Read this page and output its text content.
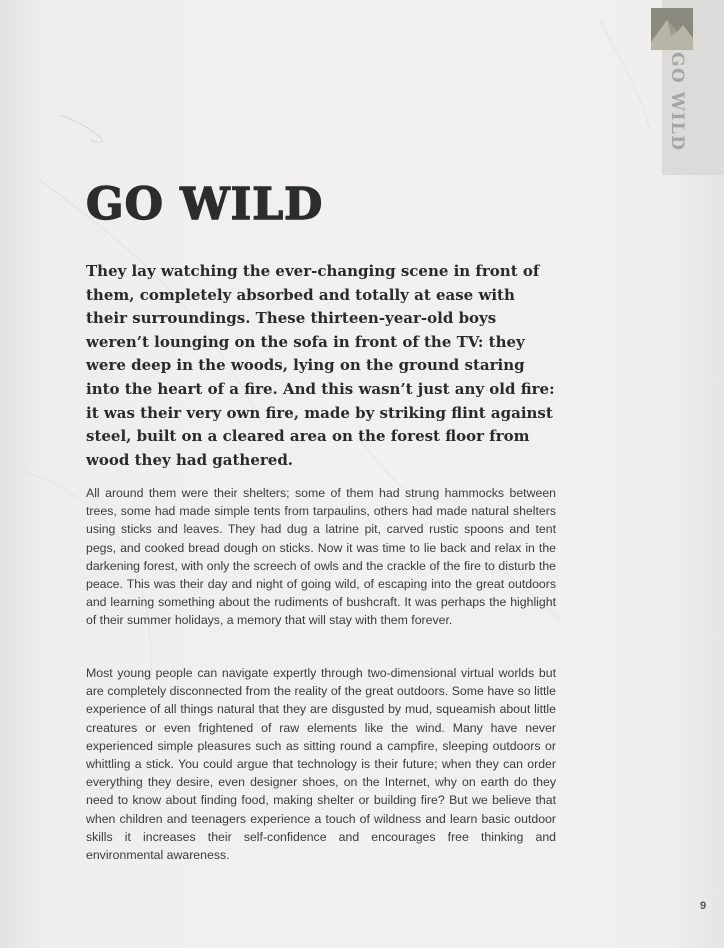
GO WILD
GO WILD

They lay watching the ever-changing scene in front of them, completely absorbed and totally at ease with their surroundings. These thirteen-year-old boys weren’t lounging on the sofa in front of the TV: they were deep in the woods, lying on the ground staring into the heart of a fire. And this wasn’t just any old fire: it was their very own fire, made by striking flint against steel, built on a cleared area on the forest floor from wood they had gathered.

All around them were their shelters; some of them had strung hammocks between trees, some had made simple tents from tarpaulins, others had made natural shelters using sticks and leaves. They had dug a latrine pit, carved rustic spoons and tent pegs, and cooked bread dough on sticks. Now it was time to lie back and relax in the darkening forest, with only the screech of owls and the crackle of the fire to disturb the peace. This was their day and night of going wild, of escaping into the great outdoors and learning something about the rudiments of bushcraft. It was perhaps the highlight of their summer holidays, a memory that will stay with them forever.

Most young people can navigate expertly through two-dimensional virtual worlds but are completely disconnected from the reality of the great outdoors. Some have so little experience of all things natural that they are disgusted by mud, squeamish about little creatures or even frightened of raw elements like the wind. Many have never experienced simple pleasures such as sitting round a campfire, sleeping outdoors or whittling a stick. You could argue that technology is their future; when they can order everything they desire, even designer shoes, on the Internet, why on earth do they need to know about finding food, making shelter or building fire? But we believe that when children and teenagers experience a touch of wildness and learn basic outdoor skills it increases their self-confidence and encourages free thinking and environmental awareness.

9
